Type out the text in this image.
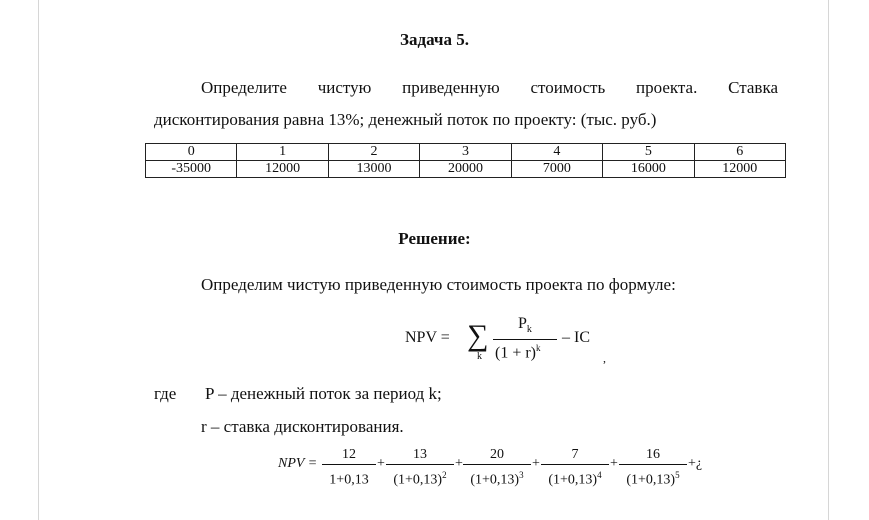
Задача 5.
Определите чистую приведенную стоимость проекта. Ставка
дисконтирования равна 13%; денежный поток по проекту: (тыс. руб.)
0	1	2	3	4	5	6
-35000	12000	13000	20000	7000	16000	12000
Решение:
Определим чистую приведенную стоимость проекта по формуле:
NPV = ∑
k
$P_k$
$(1 + r)^k$
– IC
,
где P – денежный поток за период k;
r – ставка дисконтирования.
NPV =
12
1+0,13
+
13
$(1+0,13)^2$
+
20
$(1+0,13)^3$
+
7
$(1+0,13)^4$
+
16
$(1+0,13)^5$
+¿
